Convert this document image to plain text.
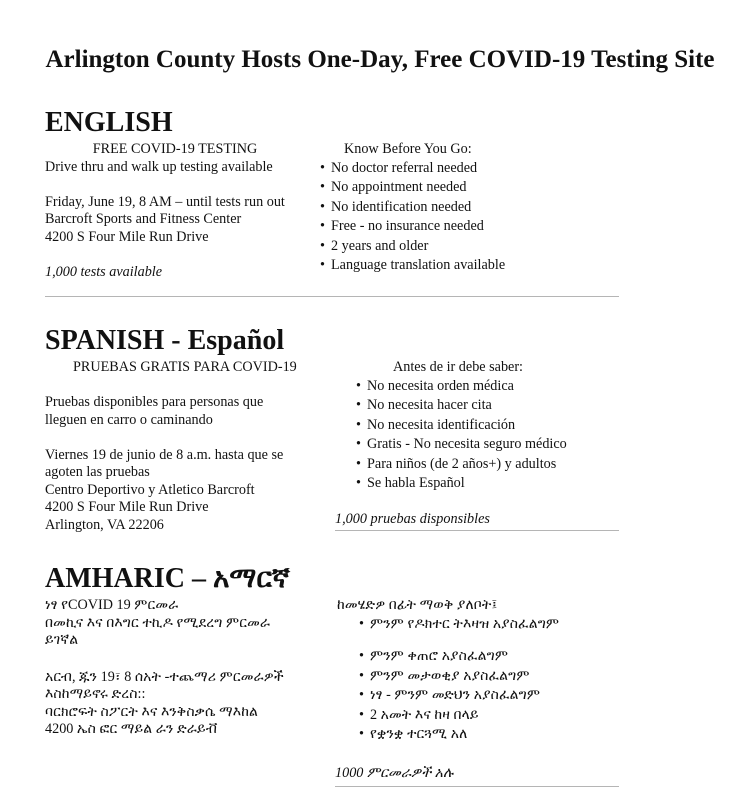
Arlington County Hosts One-Day, Free COVID-19 Testing Site
ENGLISH
FREE COVID-19 TESTING
Drive thru and walk up testing available
Friday, June 19, 8 AM – until tests run out
Barcroft Sports and Fitness Center
4200 S Four Mile Run Drive
1,000 tests available
Know Before You Go:
• No doctor referral needed
• No appointment needed
• No identification needed
• Free - no insurance needed
• 2 years and older
• Language translation available
SPANISH - Español
PRUEBAS GRATIS PARA COVID-19
Pruebas disponibles para personas que
lleguen en carro o caminando
Viernes 19 de junio de 8 a.m. hasta que se
agoten las pruebas
Centro Deportivo y Atletico Barcroft
4200 S Four Mile Run Drive
Arlington, VA 22206
Antes de ir debe saber:
• No necesita orden médica
• No necesita hacer cita
• No necesita identificación
• Gratis - No necesita seguro médico
• Para niños (de 2 años+) y adultos
• Se habla Español
1,000 pruebas disponsibles
AMHARIC – አማርኛ
ነፃ የCOVID 19 ምርመራ
በመኪና እና በእግር ተኪዶ የሚደረግ ምርመራ
ይገኛል
አርብ, ጁን 19፣ 8 ሰአት -ተጨማሪ ምርመራዎች
እስከማይኖሩ ድረስ::
ባርክሮፍት ስፖርት እና እንቅስቃሴ ማእከል
4200 ኤስ ፎር ማይል ራን ድራይቭ
ከመሄድዎ በፊት ማወቅ ያለቦት፤
• ምንም የዶክተር ትእዛዝ አያስፈልግም
• ምንም ቀጠሮ አያስፈልግም
• ምንም መታወቂያ አያስፈልግም
• ነፃ - ምንም መድህን አያስፈልግም
• 2 አመት እና ከዛ በላይ
• የቋንቋ ተርጓሚ አለ
1000 ምርመራዎች አሉ
